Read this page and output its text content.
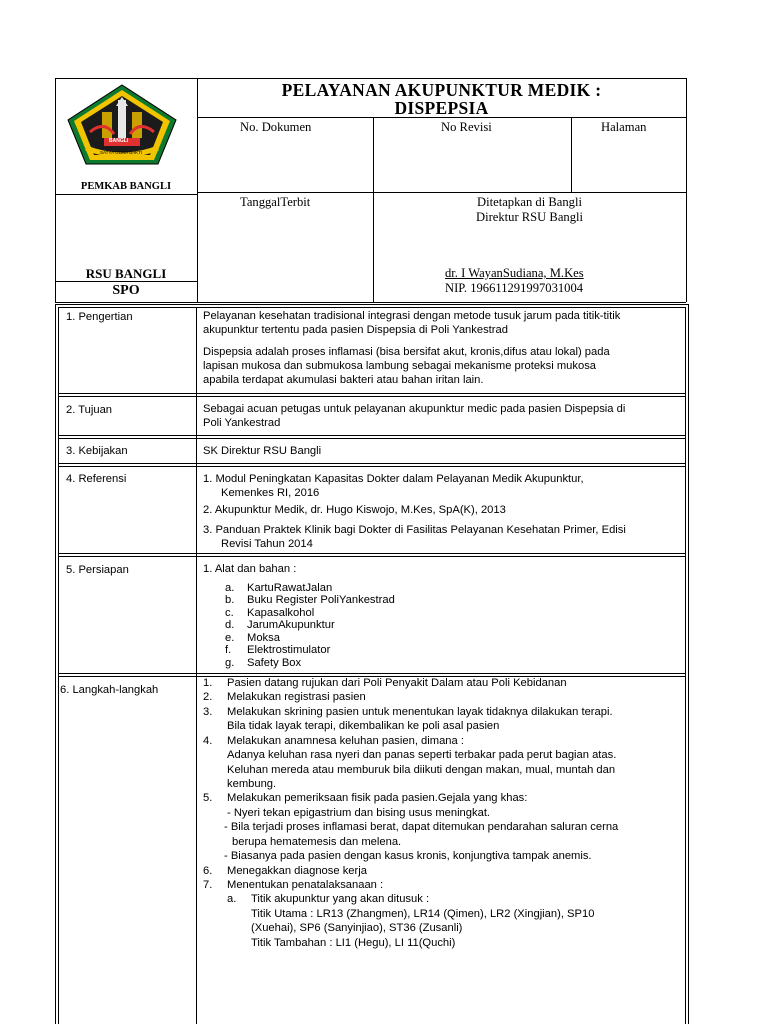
BANGLI
SATYA GUNA BAKTI
PEMKAB BANGLI
PELAYANAN AKUPUNKTUR MEDIK :
DISPEPSIA
No. Dokumen	No Revisi	Halaman
TanggalTerbit	Ditetapkan di Bangli
Direktur RSU Bangli
dr. I WayanSudiana, M.Kes
NIP. 196611291997031004
RSU BANGLI
SPO
1. Pengertian	Pelayanan kesehatan tradisional integrasi dengan metode tusuk jarum pada titik-titik
akupunktur tertentu pada pasien Dispepsia di Poli Yankestrad
Dispepsia adalah proses inflamasi (bisa bersifat akut, kronis,difus atau lokal) pada
lapisan mukosa dan submukosa lambung sebagai mekanisme proteksi mukosa
apabila terdapat akumulasi bakteri atau bahan iritan lain.
2. Tujuan	Sebagai acuan petugas untuk pelayanan akupunktur medic pada pasien Dispepsia di
Poli Yankestrad
3. Kebijakan	SK Direktur RSU Bangli
4. Referensi	1. Modul Peningkatan Kapasitas Dokter dalam Pelayanan Medik Akupunktur,
Kemenkes RI, 2016
2. Akupunktur Medik, dr. Hugo Kiswojo, M.Kes, SpA(K), 2013
3. Panduan Praktek Klinik bagi Dokter di Fasilitas Pelayanan Kesehatan Primer, Edisi
Revisi Tahun 2014
5. Persiapan	1. Alat dan bahan :
a. KartuRawatJalan
b. Buku Register PoliYankestrad
c. Kapasalkohol
d. JarumAkupunktur
e. Moksa
f. Elektrostimulator
g. Safety Box
6. Langkah-langkah
1. Pasien datang rujukan dari Poli Penyakit Dalam atau Poli Kebidanan
2. Melakukan registrasi pasien
3. Melakukan skrining pasien untuk menentukan layak tidaknya dilakukan terapi.
Bila tidak layak terapi, dikembalikan ke poli asal pasien
4. Melakukan anamnesa keluhan pasien, dimana :
Adanya keluhan rasa nyeri dan panas seperti terbakar pada perut bagian atas.
Keluhan mereda atau memburuk bila diikuti dengan makan, mual, muntah dan
kembung.
5. Melakukan pemeriksaan fisik pada pasien.Gejala yang khas:
- Nyeri tekan epigastrium dan bising usus meningkat.
- Bila terjadi proses inflamasi berat, dapat ditemukan pendarahan saluran cerna
berupa hematemesis dan melena.
- Biasanya pada pasien dengan kasus kronis, konjungtiva tampak anemis.
6. Menegakkan diagnose kerja
7. Menentukan penatalaksanaan :
a. Titik akupunktur yang akan ditusuk :
Titik Utama : LR13 (Zhangmen), LR14 (Qimen), LR2 (Xingjian), SP10
(Xuehai), SP6 (Sanyinjiao), ST36 (Zusanli)
Titik Tambahan : LI1 (Hegu), LI 11(Quchi)
